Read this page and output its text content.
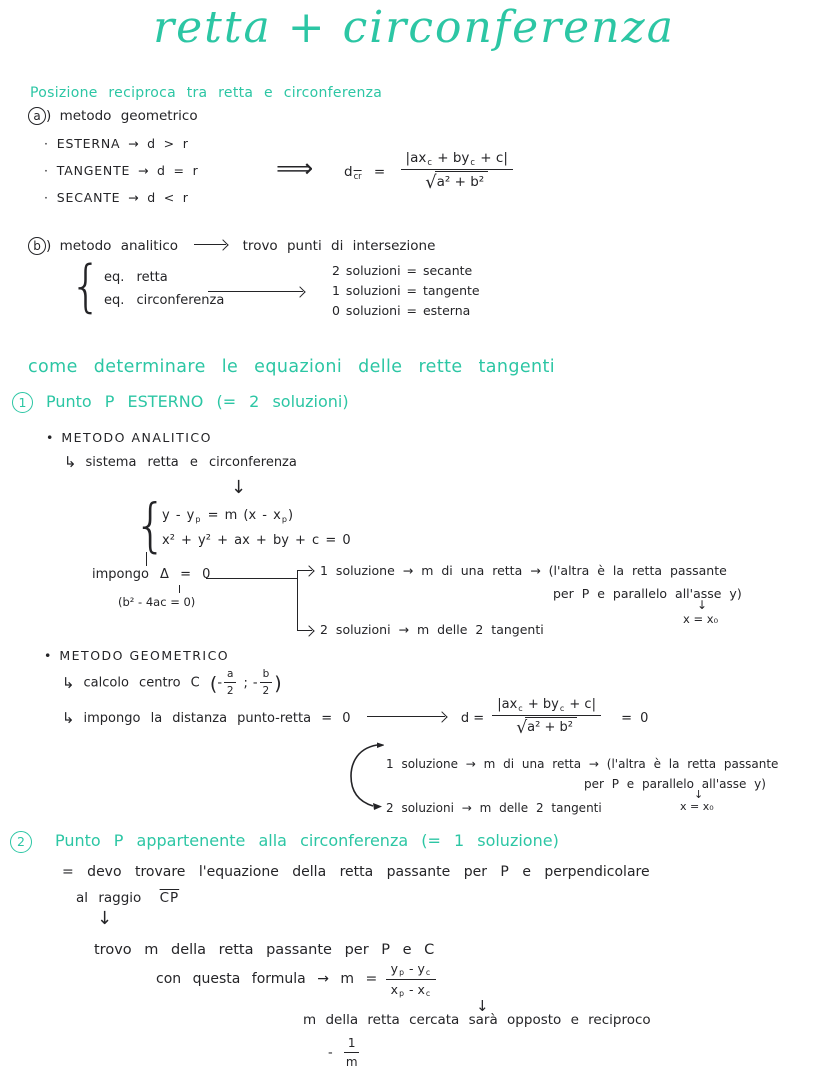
retta + circonferenza
Posizione reciproca tra retta e circonferenza
a ) metodo geometrico
· ESTERNA → d > r
· TANGENTE → d = r
· SECANTE → d < r
⟹ $d\overline{cr} = \frac{\text{|axc + byc + c|}}{\text{√a² + b²}}$
b ) metodo analitico	trovo punti di intersezione
{ eq. retta
eq. circonferenza
2 soluzioni = secante
1 soluzioni = tangente
0 soluzioni = esterna
come determinare le equazioni delle rette tangenti
1	Punto P ESTERNO (= 2 soluzioni)
• METODO ANALITICO
↳ sistema retta e circonferenza
↓
{
y - yp = m (x - xp)
x² + y² + ax + by + c = 0
impongo Δ = 0
(b² - 4ac = 0)
1 soluzione → m di una retta → (l'altra è la retta passante
per P e parallelo all'asse y)
↓
x = x₀
2 soluzioni → m delle 2 tangenti
• METODO GEOMETRICO
↳ calcolo centro C (- $\frac{a}{2}$ ; - $\frac{b}{2}$ )
↳ impongo la distanza punto-retta = 0	$d = \frac{\text{|axc + byc + c|}}{\text{√a² + b²}} = 0$
1 soluzione → m di una retta → (l'altra è la retta passante
per P e parallelo all'asse y)
↓
x = x₀
2 soluzioni → m delle 2 tangenti
2	Punto P appartenente alla circonferenza (= 1 soluzione)
= devo trovare l'equazione della retta passante per P e perpendicolare
al raggio $\overline{CP}$
↓
trovo m della retta passante per P e C
con questa formula → $m = \frac{yp - yc}{xp - xc}$
↓
m della retta cercata sarà opposto e reciproco
- $\frac{1}{m}$
